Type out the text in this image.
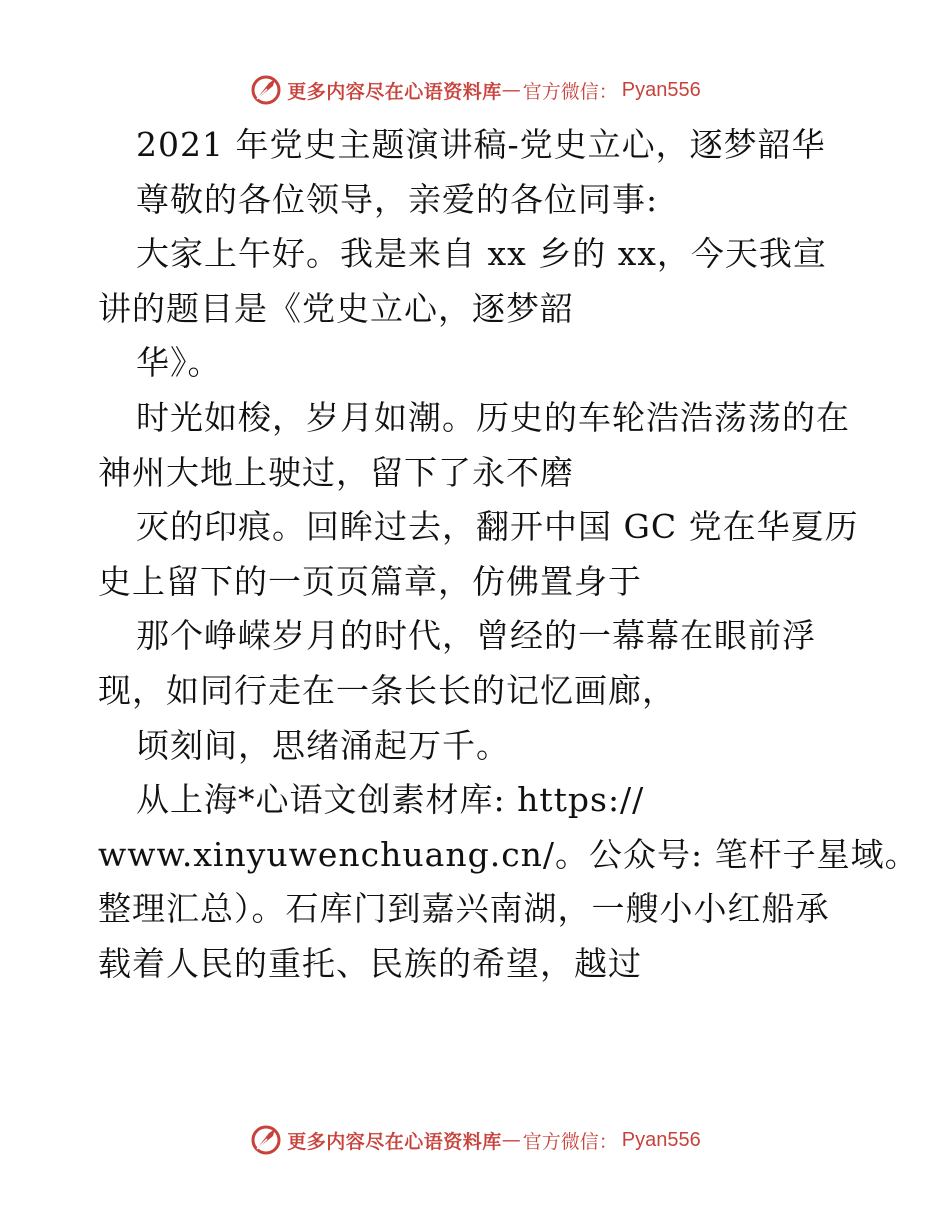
更多内容尽在心语资料库 — 官方微信： Pyan556
2021 年党史主题演讲稿-党史立心，逐梦韶华
尊敬的各位领导，亲爱的各位同事:
大家上午好。我是来自 xx 乡的 xx，今天我宣
讲的题目是《党史立心，逐梦韶
华》。
时光如梭，岁月如潮。历史的车轮浩浩荡荡的在
神州大地上驶过，留下了永不磨
灭的印痕。回眸过去，翻开中国 GC 党在华夏历
史上留下的一页页篇章，仿佛置身于
那个峥嵘岁月的时代，曾经的一幕幕在眼前浮
现，如同行走在一条长长的记忆画廊，
顷刻间，思绪涌起万千。
从上海*心语文创素材库: https://
www.xinyuwenchuang.cn/。公众号: 笔杆子星域。
整理汇总）。石库门到嘉兴南湖，一艘小小红船承
载着人民的重托、民族的希望，越过
更多内容尽在心语资料库 — 官方微信： Pyan556
